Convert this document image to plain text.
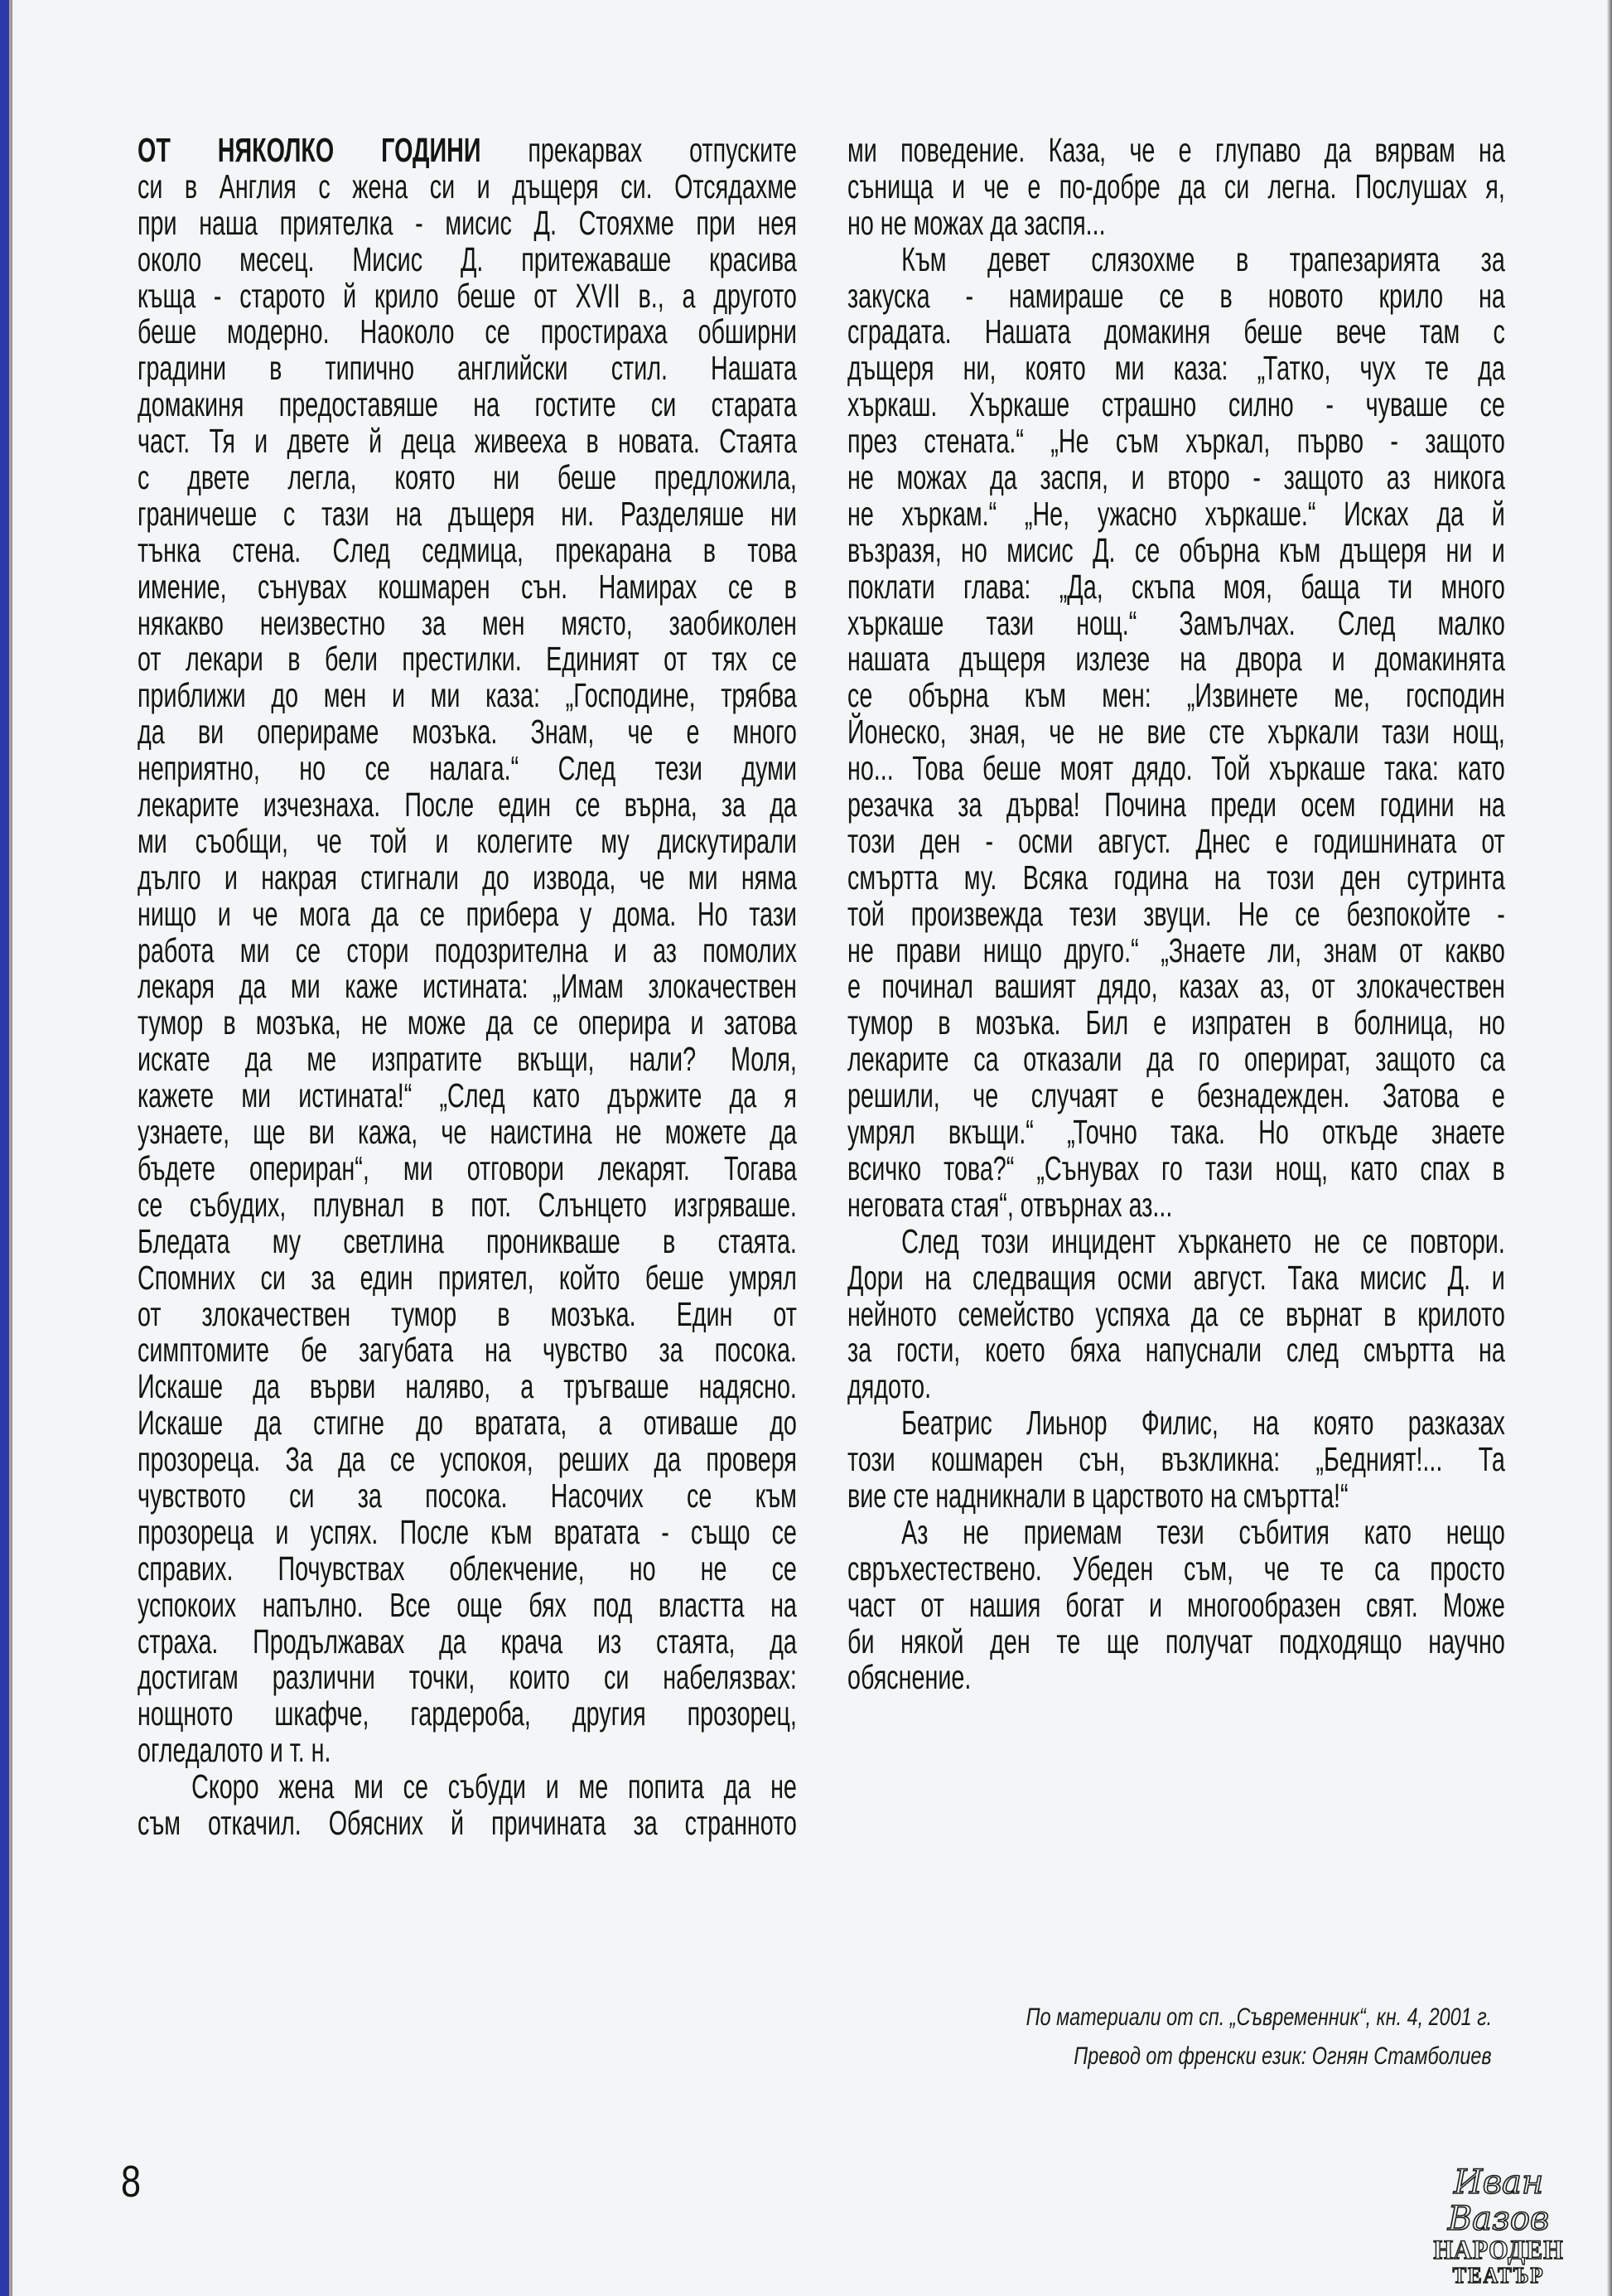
ОТ НЯКОЛКО ГОДИНИ прекарвах отпуските
си в Англия с жена си и дъщеря си. Отсядахме
при наша приятелка - мисис Д. Стояхме при нея
около месец. Мисис Д. притежаваше красива
къща - старото й крило беше от XVII в., а другото
беше модерно. Наоколо се простираха обширни
градини в типично английски стил. Нашата
домакиня предоставяше на гостите си старата
част. Тя и двете й деца живееха в новата. Стаята
с двете легла, която ни беше предложила,
граничеше с тази на дъщеря ни. Разделяше ни
тънка стена. След седмица, прекарана в това
имение, сънувах кошмарен сън. Намирах се в
някакво неизвестно за мен място, заобиколен
от лекари в бели престилки. Единият от тях се
приближи до мен и ми каза: „Господине, трябва
да ви оперираме мозъка. Знам, че е много
неприятно, но се налага.“ След тези думи
лекарите изчезнаха. После един се върна, за да
ми съобщи, че той и колегите му дискутирали
дълго и накрая стигнали до извода, че ми няма
нищо и че мога да се прибера у дома. Но тази
работа ми се стори подозрителна и аз помолих
лекаря да ми каже истината: „Имам злокачествен
тумор в мозъка, не може да се оперира и затова
искате да ме изпратите вкъщи, нали? Моля,
кажете ми истината!“ „След като държите да я
узнаете, ще ви кажа, че наистина не можете да
бъдете опериран“, ми отговори лекарят. Тогава
се събудих, плувнал в пот. Слънцето изгряваше.
Бледата му светлина проникваше в стаята.
Спомних си за един приятел, който беше умрял
от злокачествен тумор в мозъка. Един от
симптомите бе загубата на чувство за посока.
Искаше да върви наляво, а тръгваше надясно.
Искаше да стигне до вратата, а отиваше до
прозореца. За да се успокоя, реших да проверя
чувството си за посока. Насочих се към
прозореца и успях. После към вратата - също се
справих. Почувствах облекчение, но не се
успокоих напълно. Все още бях под властта на
страха. Продължавах да крача из стаята, да
достигам различни точки, които си набелязвах:
нощното шкафче, гардероба, другия прозорец,
огледалото и т. н.
Скоро жена ми се събуди и ме попита да не
съм откачил. Обясних й причината за странното
ми поведение. Каза, че е глупаво да вярвам на
сънища и че е по-добре да си легна. Послушах я,
но не можах да заспя...
Към девет слязохме в трапезарията за
закуска - намираше се в новото крило на
сградата. Нашата домакиня беше вече там с
дъщеря ни, която ми каза: „Татко, чух те да
хъркаш. Хъркаше страшно силно - чуваше се
през стената.“ „Не съм хъркал, първо - защото
не можах да заспя, и второ - защото аз никога
не хъркам.“ „Не, ужасно хъркаше.“ Исках да й
възразя, но мисис Д. се обърна към дъщеря ни и
поклати глава: „Да, скъпа моя, баща ти много
хъркаше тази нощ.“ Замълчах. След малко
нашата дъщеря излезе на двора и домакинята
се обърна към мен: „Извинете ме, господин
Йонеско, зная, че не вие сте хъркали тази нощ,
но... Това беше моят дядо. Той хъркаше така: като
резачка за дърва! Почина преди осем години на
този ден - осми август. Днес е годишнината от
смъртта му. Всяка година на този ден сутринта
той произвежда тези звуци. Не се безпокойте -
не прави нищо друго.“ „Знаете ли, знам от какво
е починал вашият дядо, казах аз, от злокачествен
тумор в мозъка. Бил е изпратен в болница, но
лекарите са отказали да го оперират, защото са
решили, че случаят е безнадежден. Затова е
умрял вкъщи.“ „Точно така. Но откъде знаете
всичко това?“ „Сънувах го тази нощ, като спах в
неговата стая“, отвърнах аз...
След този инцидент хъркането не се повтори.
Дори на следващия осми август. Така мисис Д. и
нейното семейство успяха да се върнат в крилото
за гости, което бяха напуснали след смъртта на
дядото.
Беатрис Лиьнор Филис, на която разказах
този кошмарен сън, възкликна: „Бедният!... Та
вие сте надникнали в царството на смъртта!“
Аз не приемам тези събития като нещо
свръхестествено. Убеден съм, че те са просто
част от нашия богат и многообразен свят. Може
би някой ден те ще получат подходящо научно
обяснение.
По материали от сп. „Съвременник“, кн. 4, 2001 г.
Превод от френски език: Огнян Стамболиев
8	Иван Вазов
НАРОДЕН
ТЕАТЪР
